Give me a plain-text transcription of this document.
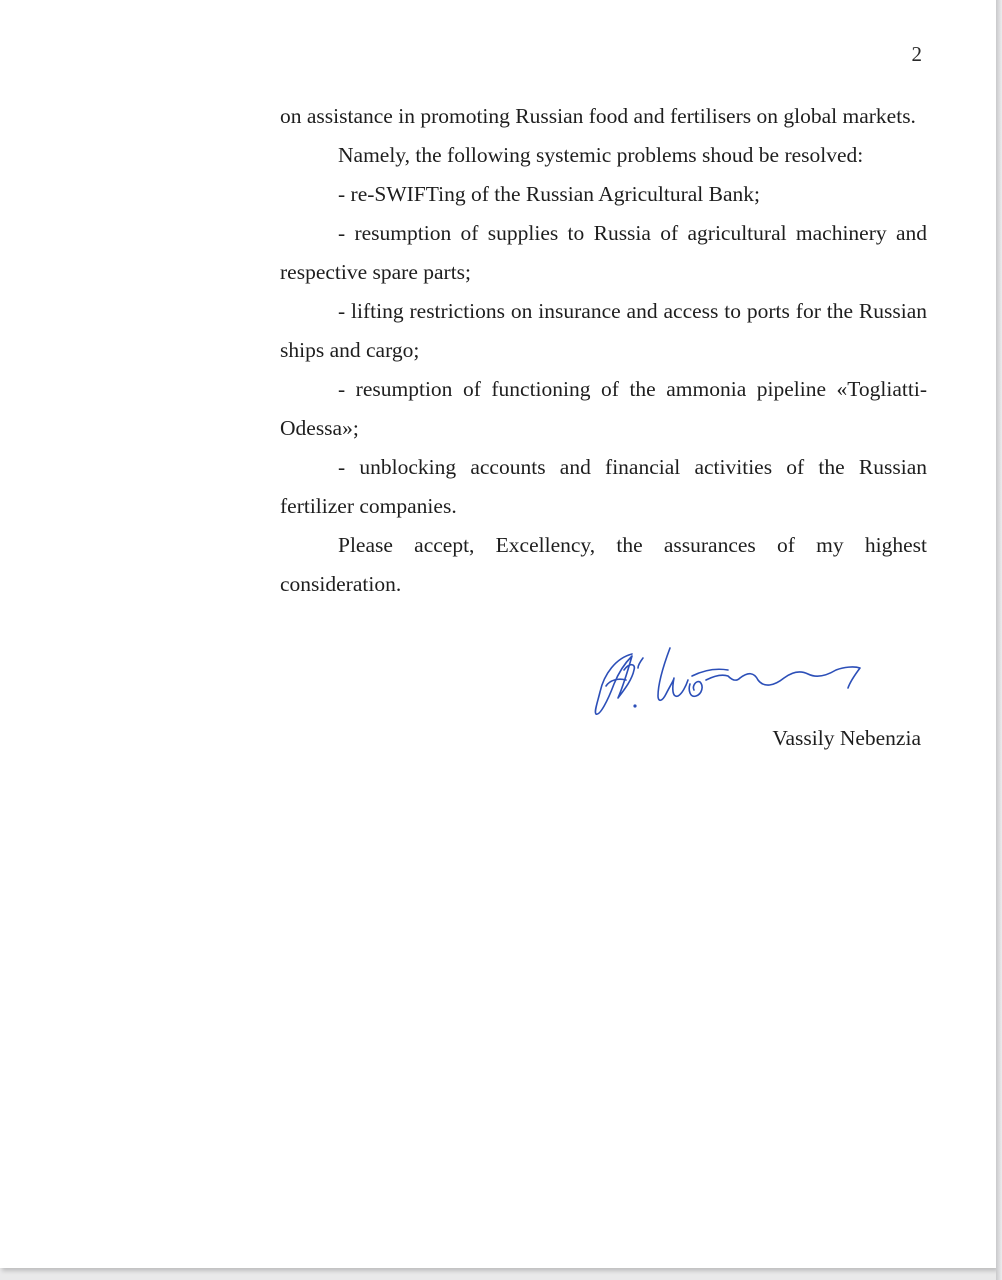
2

on assistance in promoting Russian food and fertilisers on global markets.

Namely, the following systemic problems shoud be resolved:

- re-SWIFTing of the Russian Agricultural Bank;

- resumption of supplies to Russia of agricultural machinery and respective spare parts;

- lifting restrictions on insurance and access to ports for the Russian ships and cargo;

- resumption of functioning of the ammonia pipeline «Togliatti-Odessa»;

- unblocking accounts and financial activities of the Russian fertilizer companies.

Please accept, Excellency, the assurances of my highest consideration.

Vassily Nebenzia
